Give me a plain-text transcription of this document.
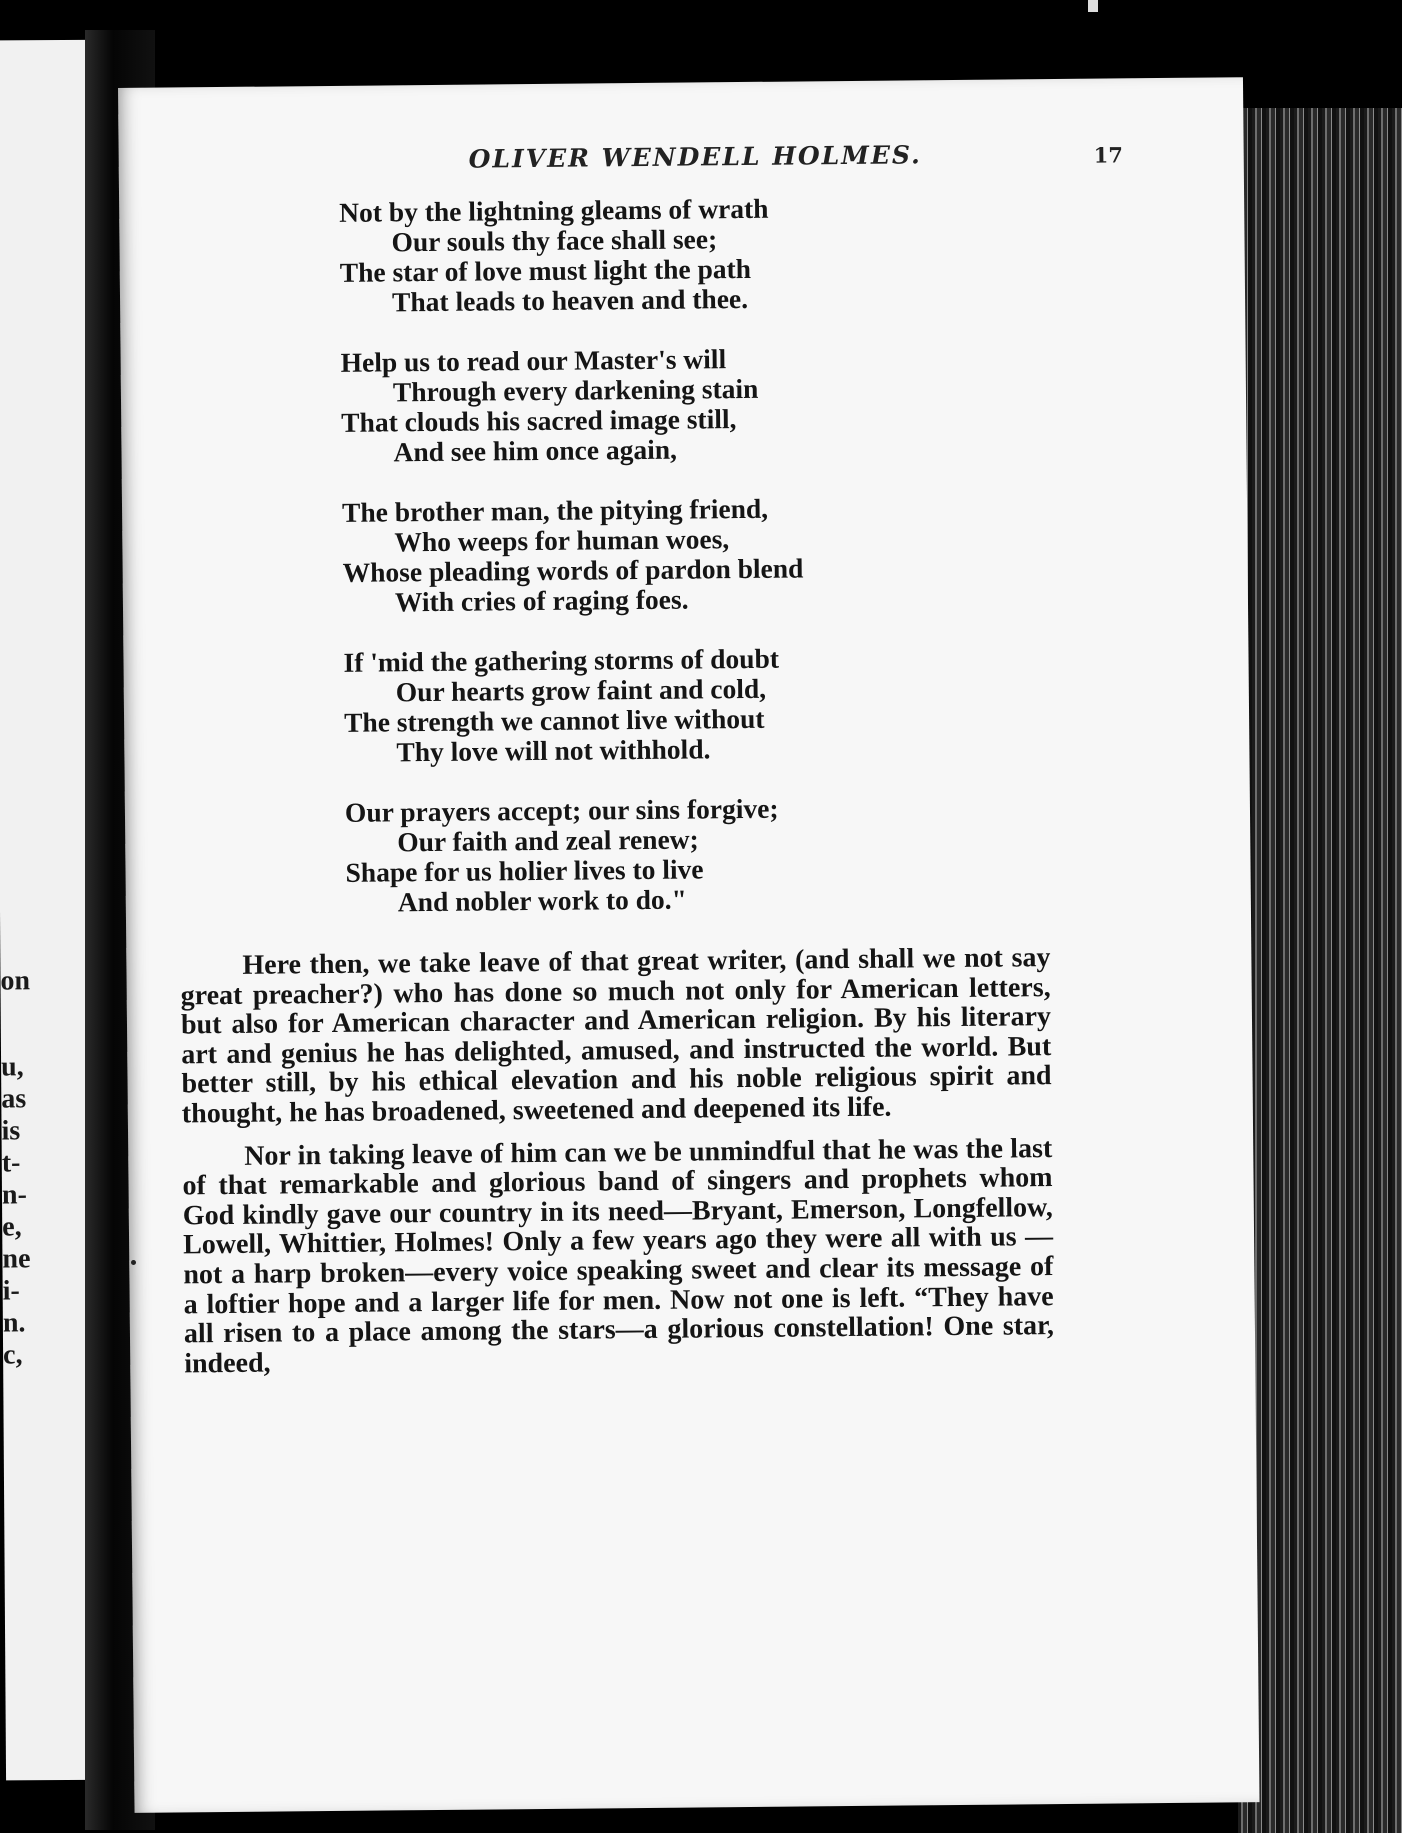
on
u,
as
is
t-
n-
e,
ne
i-
n.
c,
OLIVER WENDELL HOLMES.	17
Not by the lightning gleams of wrath
Our souls thy face shall see;
The star of love must light the path
That leads to heaven and thee.
Help us to read our Master's will
Through every darkening stain
That clouds his sacred image still,
And see him once again,
The brother man, the pitying friend,
Who weeps for human woes,
Whose pleading words of pardon blend
With cries of raging foes.
If 'mid the gathering storms of doubt
Our hearts grow faint and cold,
The strength we cannot live without
Thy love will not withhold.
Our prayers accept; our sins forgive;
Our faith and zeal renew;
Shape for us holier lives to live
And nobler work to do."

Here then, we take leave of that great writer, (and shall we not say great preacher?) who has done so much not only for American letters, but also for American character and American religion. By his literary art and genius he has delighted, amused, and instructed the world. But better still, by his ethical elevation and his noble religious spirit and thought, he has broadened, sweetened and deepened its life.

Nor in taking leave of him can we be unmindful that he was the last of that remarkable and glorious band of singers and prophets whom God kindly gave our country in its need—Bryant, Emerson, Longfellow, Lowell, Whittier, Holmes! Only a few years ago they were all with us —not a harp broken—every voice speaking sweet and clear its message of a loftier hope and a larger life for men. Now not one is left. “They have all risen to a place among the stars—a glorious constellation! One star, indeed,
